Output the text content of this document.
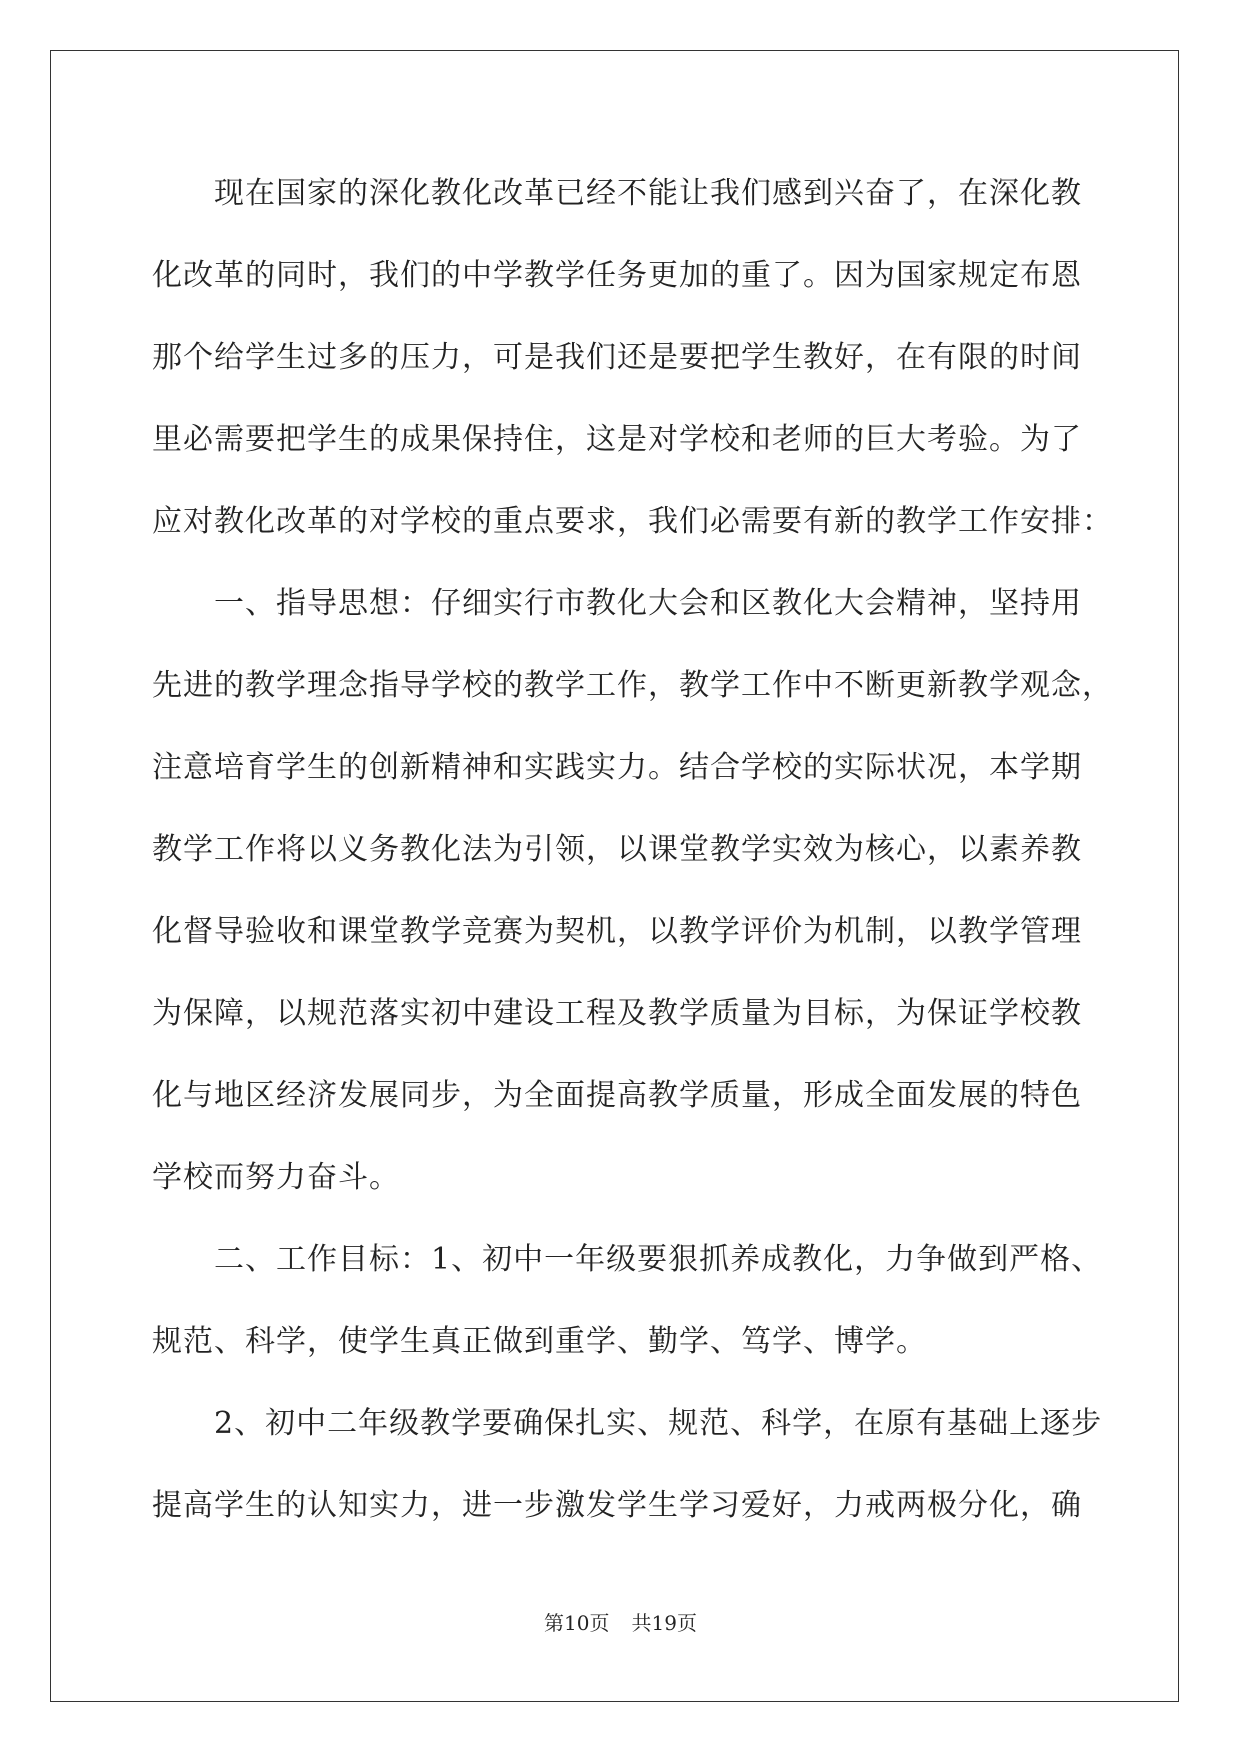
　　现在国家的深化教化改革已经不能让我们感到兴奋了，在深化教
化改革的同时，我们的中学教学任务更加的重了。因为国家规定布恩
那个给学生过多的压力，可是我们还是要把学生教好，在有限的时间
里必需要把学生的成果保持住，这是对学校和老师的巨大考验。为了
应对教化改革的对学校的重点要求，我们必需要有新的教学工作安排：
　　一、指导思想：仔细实行市教化大会和区教化大会精神，坚持用
先进的教学理念指导学校的教学工作，教学工作中不断更新教学观念，
注意培育学生的创新精神和实践实力。结合学校的实际状况，本学期
教学工作将以义务教化法为引领，以课堂教学实效为核心，以素养教
化督导验收和课堂教学竞赛为契机，以教学评价为机制，以教学管理
为保障，以规范落实初中建设工程及教学质量为目标，为保证学校教
化与地区经济发展同步，为全面提高教学质量，形成全面发展的特色
学校而努力奋斗。
　　二、工作目标：1、初中一年级要狠抓养成教化，力争做到严格、
规范、科学，使学生真正做到重学、勤学、笃学、博学。
　　2、初中二年级教学要确保扎实、规范、科学，在原有基础上逐步
提高学生的认知实力，进一步激发学生学习爱好，力戒两极分化，确
第10页 共19页
